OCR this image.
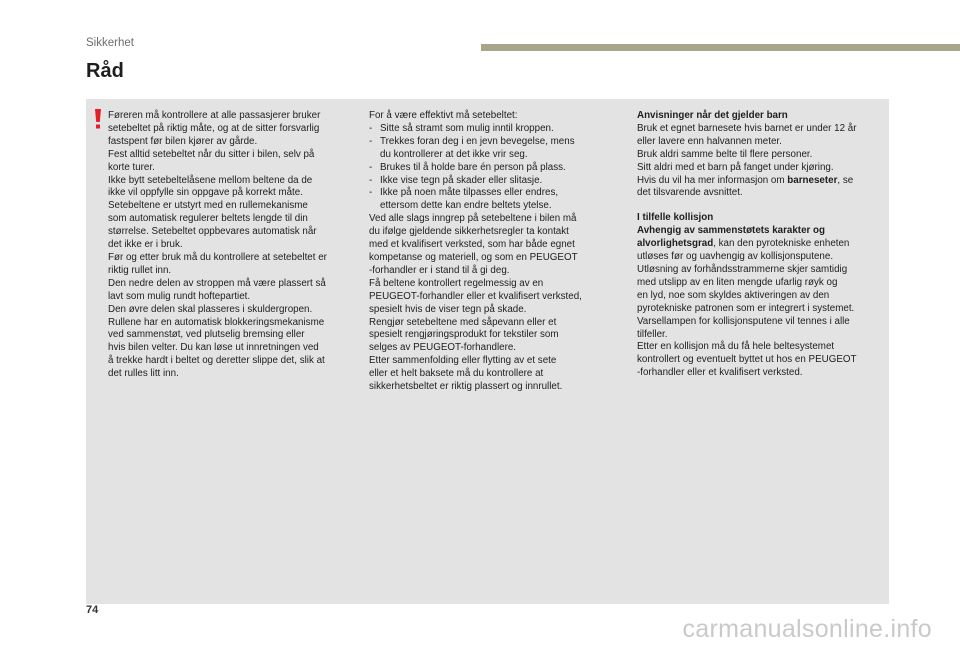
Sikkerhet
Råd

Føreren må kontrollere at alle passasjerer bruker

setebeltet på riktig måte, og at de sitter forsvarlig

fastspent før bilen kjører av gårde.

Fest alltid setebeltet når du sitter i bilen, selv på

korte turer.

Ikke bytt setebeltelåsene mellom beltene da de

ikke vil oppfylle sin oppgave på korrekt måte.

Setebeltene er utstyrt med en rullemekanisme

som automatisk regulerer beltets lengde til din

størrelse. Setebeltet oppbevares automatisk når

det ikke er i bruk.

Før og etter bruk må du kontrollere at setebeltet er

riktig rullet inn.

Den nedre delen av stroppen må være plassert så

lavt som mulig rundt hoftepartiet.

Den øvre delen skal plasseres i skuldergropen.

Rullene har en automatisk blokkeringsmekanisme

ved sammenstøt, ved plutselig bremsing eller

hvis bilen velter. Du kan løse ut innretningen ved

å trekke hardt i beltet og deretter slippe det, slik at

det rulles litt inn.

For å være effektivt må setebeltet:

- Sitte så stramt som mulig inntil kroppen.
- Trekkes foran deg i en jevn bevegelse, mens
du kontrollerer at det ikke vrir seg.
- Brukes til å holde bare én person på plass.
- Ikke vise tegn på skader eller slitasje.
- Ikke på noen måte tilpasses eller endres,
ettersom dette kan endre beltets ytelse.

Ved alle slags inngrep på setebeltene i bilen må

du ifølge gjeldende sikkerhetsregler ta kontakt

med et kvalifisert verksted, som har både egnet

kompetanse og materiell, og som en PEUGEOT

-forhandler er i stand til å gi deg.

Få beltene kontrollert regelmessig av en

PEUGEOT-forhandler eller et kvalifisert verksted,

spesielt hvis de viser tegn på skade.

Rengjør setebeltene med såpevann eller et

spesielt rengjøringsprodukt for tekstiler som

selges av PEUGEOT-forhandlere.

Etter sammenfolding eller flytting av et sete

eller et helt baksete må du kontrollere at

sikkerhetsbeltet er riktig plassert og innrullet.

Anvisninger når det gjelder barn

Bruk et egnet barnesete hvis barnet er under 12 år

eller lavere enn halvannen meter.

Bruk aldri samme belte til flere personer.

Sitt aldri med et barn på fanget under kjøring.

Hvis du vil ha mer informasjon om barneseter, se

det tilsvarende avsnittet.

I tilfelle kollisjon

Avhengig av sammenstøtets karakter og

alvorlighetsgrad, kan den pyrotekniske enheten

utløses før og uavhengig av kollisjonsputene.

Utløsning av forhåndsstrammerne skjer samtidig

med utslipp av en liten mengde ufarlig røyk og

en lyd, noe som skyldes aktiveringen av den

pyrotekniske patronen som er integrert i systemet.

Varsellampen for kollisjonsputene vil tennes i alle

tilfeller.

Etter en kollisjon må du få hele beltesystemet

kontrollert og eventuelt byttet ut hos en PEUGEOT

-forhandler eller et kvalifisert verksted.

74
carmanualsonline.info
